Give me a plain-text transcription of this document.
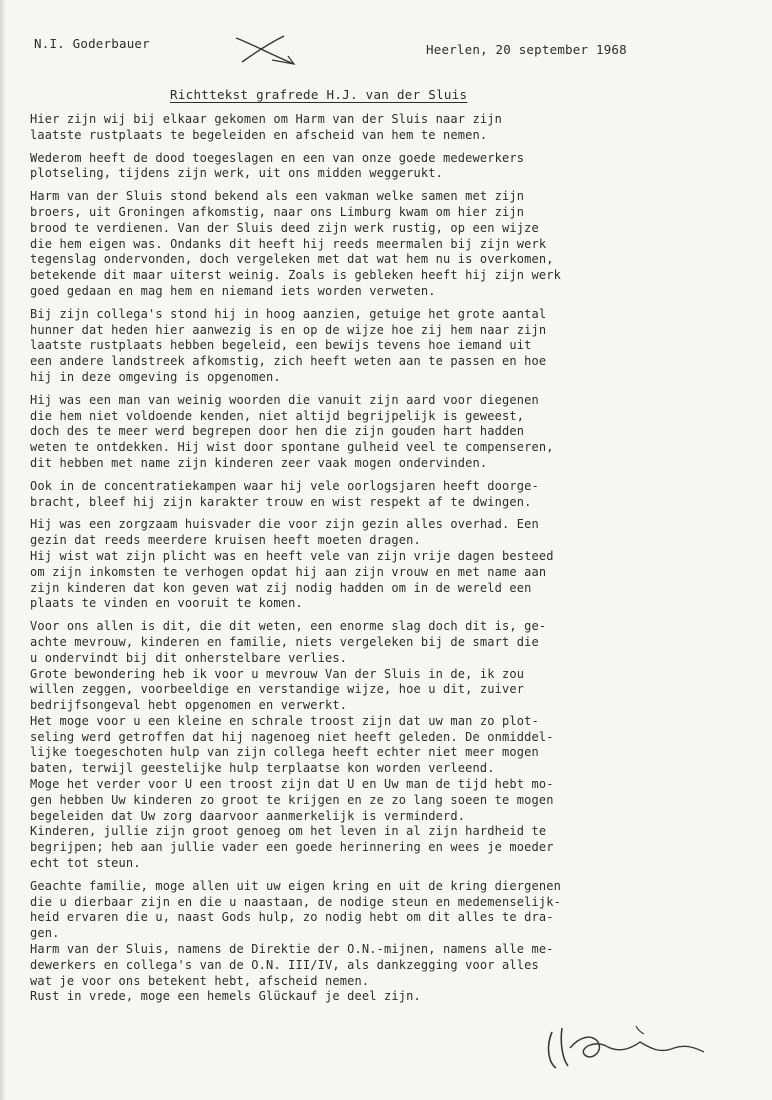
N.I. Goderbauer	Heerlen, 20 september 1968
Richttekst grafrede H.J. van der Sluis
Hier zijn wij bij elkaar gekomen om Harm van der Sluis naar zijn
laatste rustplaats te begeleiden en afscheid van hem te nemen.
Wederom heeft de dood toegeslagen en een van onze goede medewerkers
plotseling, tijdens zijn werk, uit ons midden weggerukt.
Harm van der Sluis stond bekend als een vakman welke samen met zijn
broers, uit Groningen afkomstig, naar ons Limburg kwam om hier zijn
brood te verdienen. Van der Sluis deed zijn werk rustig, op een wijze
die hem eigen was. Ondanks dit heeft hij reeds meermalen bij zijn werk
tegenslag ondervonden, doch vergeleken met dat wat hem nu is overkomen,
betekende dit maar uiterst weinig. Zoals is gebleken heeft hij zijn werk
goed gedaan en mag hem en niemand iets worden verweten.
Bij zijn collega's stond hij in hoog aanzien, getuige het grote aantal
hunner dat heden hier aanwezig is en op de wijze hoe zij hem naar zijn
laatste rustplaats hebben begeleid, een bewijs tevens hoe iemand uit
een andere landstreek afkomstig, zich heeft weten aan te passen en hoe
hij in deze omgeving is opgenomen.
Hij was een man van weinig woorden die vanuit zijn aard voor diegenen
die hem niet voldoende kenden, niet altijd begrijpelijk is geweest,
doch des te meer werd begrepen door hen die zijn gouden hart hadden
weten te ontdekken. Hij wist door spontane gulheid veel te compenseren,
dit hebben met name zijn kinderen zeer vaak mogen ondervinden.
Ook in de concentratiekampen waar hij vele oorlogsjaren heeft doorge-
bracht, bleef hij zijn karakter trouw en wist respekt af te dwingen.
Hij was een zorgzaam huisvader die voor zijn gezin alles overhad. Een
gezin dat reeds meerdere kruisen heeft moeten dragen.
Hij wist wat zijn plicht was en heeft vele van zijn vrije dagen besteed
om zijn inkomsten te verhogen opdat hij aan zijn vrouw en met name aan
zijn kinderen dat kon geven wat zij nodig hadden om in de wereld een
plaats te vinden en vooruit te komen.
Voor ons allen is dit, die dit weten, een enorme slag doch dit is, ge-
achte mevrouw, kinderen en familie, niets vergeleken bij de smart die
u ondervindt bij dit onherstelbare verlies.
Grote bewondering heb ik voor u mevrouw Van der Sluis in de, ik zou
willen zeggen, voorbeeldige en verstandige wijze, hoe u dit, zuiver
bedrijfsongeval hebt opgenomen en verwerkt.
Het moge voor u een kleine en schrale troost zijn dat uw man zo plot-
seling werd getroffen dat hij nagenoeg niet heeft geleden. De onmiddel-
lijke toegeschoten hulp van zijn collega heeft echter niet meer mogen
baten, terwijl geestelijke hulp terplaatse kon worden verleend.
Moge het verder voor U een troost zijn dat U en Uw man de tijd hebt mo-
gen hebben Uw kinderen zo groot te krijgen en ze zo lang soeen te mogen
begeleiden dat Uw zorg daarvoor aanmerkelijk is verminderd.
Kinderen, jullie zijn groot genoeg om het leven in al zijn hardheid te
begrijpen; heb aan jullie vader een goede herinnering en wees je moeder
echt tot steun.
Geachte familie, moge allen uit uw eigen kring en uit de kring diergenen
die u dierbaar zijn en die u naastaan, de nodige steun en medemenselijk-
heid ervaren die u, naast Gods hulp, zo nodig hebt om dit alles te dra-
gen.
Harm van der Sluis, namens de Direktie der O.N.-mijnen, namens alle me-
dewerkers en collega's van de O.N. III/IV, als dankzegging voor alles
wat je voor ons betekent hebt, afscheid nemen.
Rust in vrede, moge een hemels Glückauf je deel zijn.
